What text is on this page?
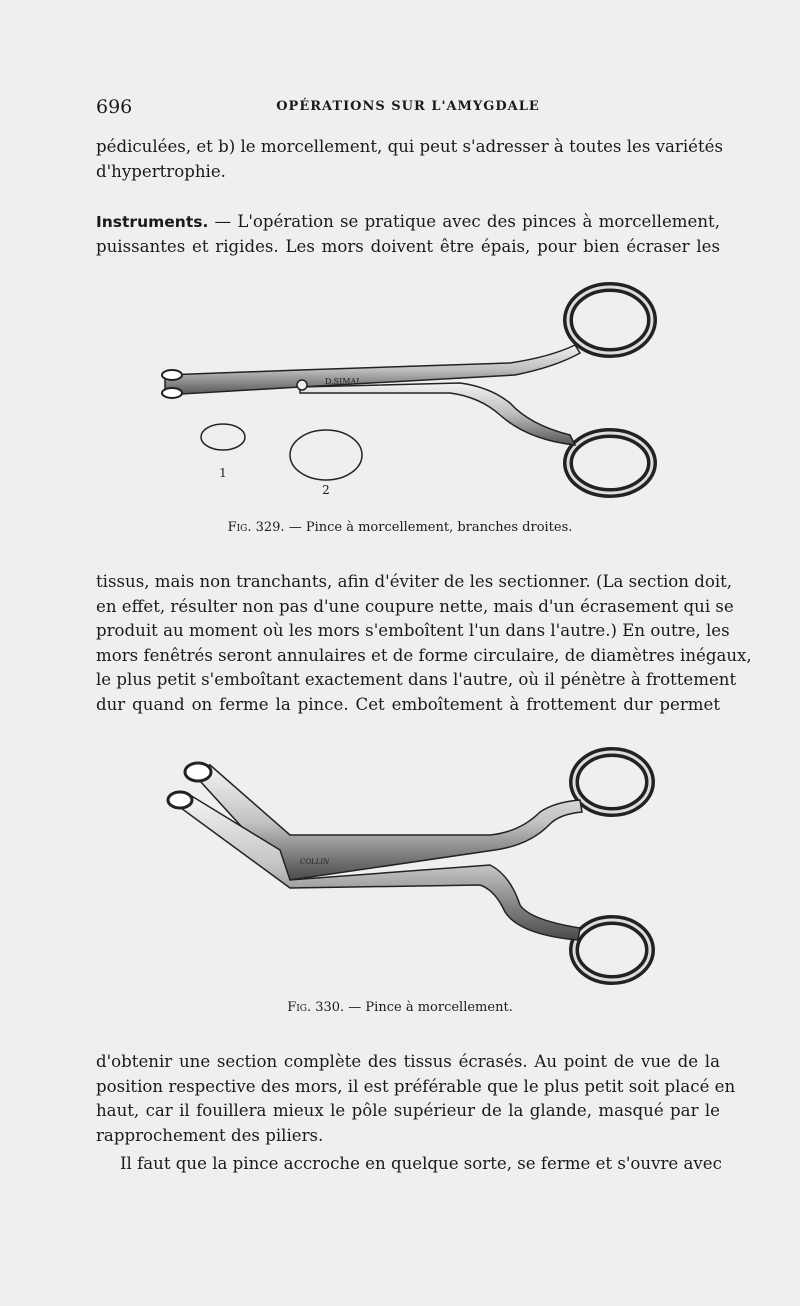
696	OPÉRATIONS SUR L'AMYGDALE
pédiculées, et b) le morcellement, qui peut s'adresser à toutes les variétés
d'hypertrophie.
Instruments. — L'opération se pratique avec des pinces à morcellement,
puissantes et rigides. Les mors doivent être épais, pour bien écraser les
D.SIMAL
1
2
Fig. 329. — Pince à morcellement, branches droites.
tissus, mais non tranchants, afin d'éviter de les sectionner. (La section doit,
en effet, résulter non pas d'une coupure nette, mais d'un écrasement qui se
produit au moment où les mors s'emboîtent l'un dans l'autre.) En outre, les
mors fenêtrés seront annulaires et de forme circulaire, de diamètres inégaux,
le plus petit s'emboîtant exactement dans l'autre, où il pénètre à frottement
dur quand on ferme la pince. Cet emboîtement à frottement dur permet
COLLIN
Fig. 330. — Pince à morcellement.
d'obtenir une section complète des tissus écrasés. Au point de vue de la
position respective des mors, il est préférable que le plus petit soit placé en
haut, car il fouillera mieux le pôle supérieur de la glande, masqué par le
rapprochement des piliers.
Il faut que la pince accroche en quelque sorte, se ferme et s'ouvre avec
